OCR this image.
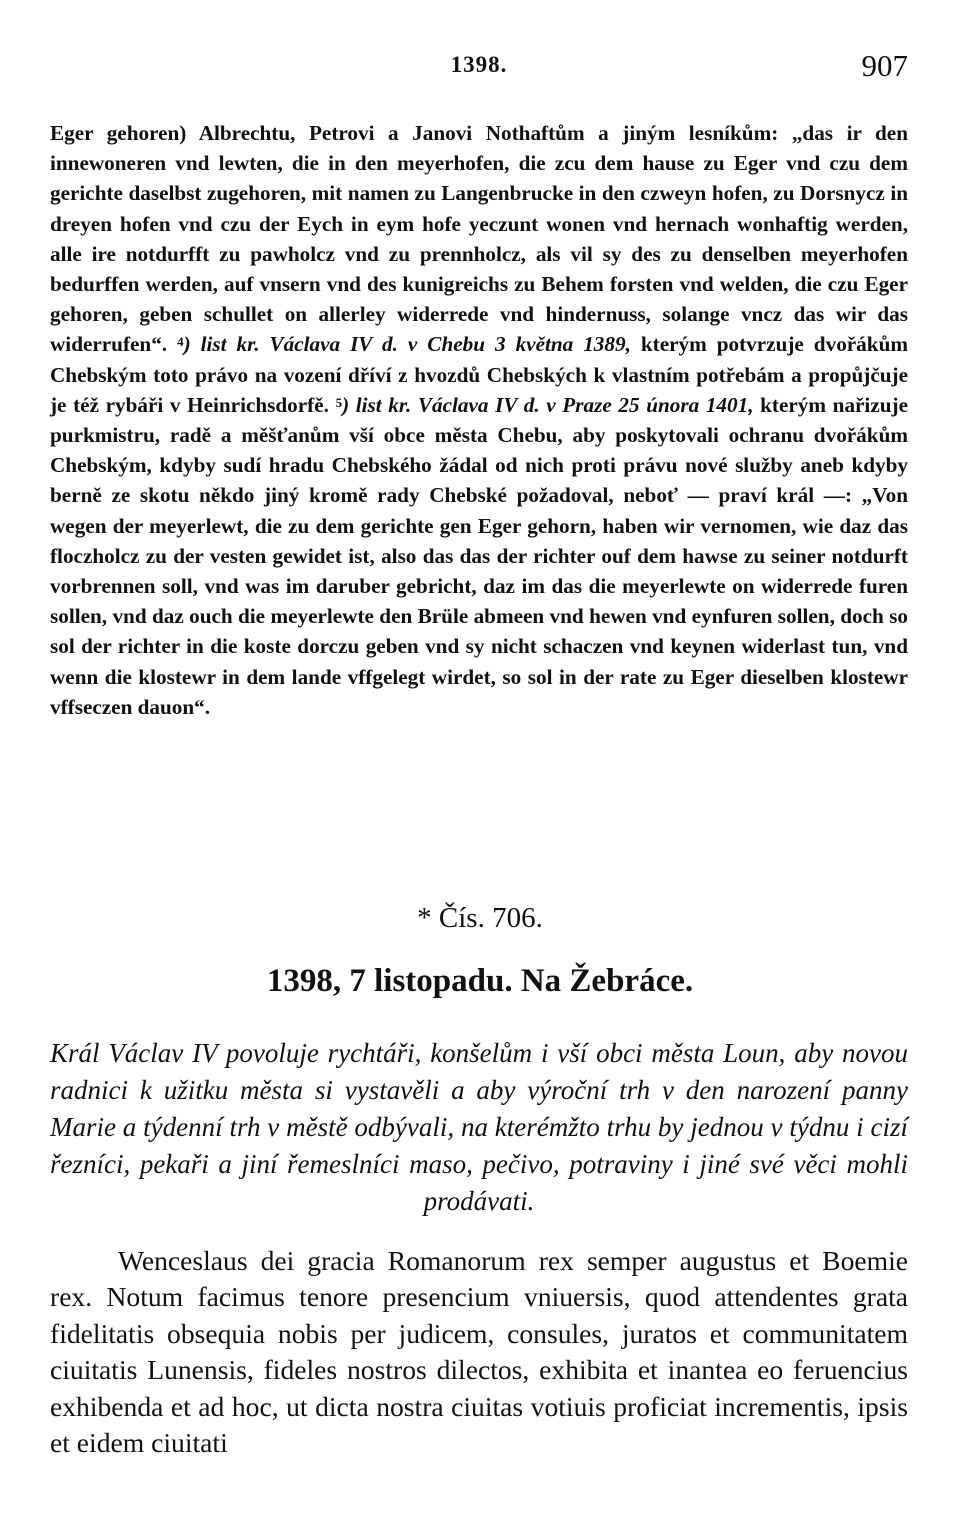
1398.	907
Eger gehoren) Albrechtu, Petrovi a Janovi Nothaftům a jiným lesníkům: „das ir den innewoneren vnd lewten, die in den meyerhofen, die zcu dem hause zu Eger vnd czu dem gerichte daselbst zugehoren, mit namen zu Langenbrucke in den czweyn hofen, zu Dorsnycz in dreyen hofen vnd czu der Eych in eym hofe yeczunt wonen vnd hernach wonhaftig werden, alle ire notdurfft zu pawholcz vnd zu prennholcz, als vil sy des zu denselben meyerhofen bedurffen werden, auf vnsern vnd des kunigreichs zu Behem forsten vnd welden, die czu Eger gehoren, geben schullet on allerley widerrede vnd hindernuss, solange vncz das wir das widerrufen“. $^4$) list kr. Václava IV d. v Chebu 3 května 1389, kterým potvrzuje dvořákům Chebským toto právo na vození dříví z hvozdů Chebských k vlastním potřebám a propůjčuje je též rybáři v Heinrichsdorfě. $^5$) list kr. Václava IV d. v Praze 25 února 1401, kterým nařizuje purkmistru, radě a měšťanům vší obce města Chebu, aby poskytovali ochranu dvořákům Chebským, kdyby sudí hradu Chebského žádal od nich proti právu nové služby aneb kdyby berně ze skotu někdo jiný kromě rady Chebské požadoval, neboť — praví král —: „Von wegen der meyerlewt, die zu dem gerichte gen Eger gehorn, haben wir vernomen, wie daz das floczholcz zu der vesten gewidet ist, also das das der richter ouf dem hawse zu seiner notdurft vorbrennen soll, vnd was im daruber gebricht, daz im das die meyerlewte on widerrede furen sollen, vnd daz ouch die meyerlewte den Brüle abmeen vnd hewen vnd eynfuren sollen, doch so sol der richter in die koste dorczu geben vnd sy nicht schaczen vnd keynen widerlast tun, vnd wenn die klostewr in dem lande vffgelegt wirdet, so sol in der rate zu Eger dieselben klostewr vffseczen dauon“.
* Čís. 706.
1398, 7 listopadu. Na Žebráce.
Král Václav IV povoluje rychtáři, konšelům i vší obci města Loun, aby novou radnici k užitku města si vystavěli a aby výroční trh v den narození panny Marie a týdenní trh v městě odbývali, na kterémžto trhu by jednou v týdnu i cizí řezníci, pekaři a jiní řemeslníci maso, pečivo, potraviny i jiné své věci mohli prodávati.
Wenceslaus dei gracia Romanorum rex semper augustus et Boemie rex. Notum facimus tenore presencium vniuersis, quod attendentes grata fidelitatis obsequia nobis per judicem, consules, juratos et communitatem ciuitatis Lunensis, fideles nostros dilectos, exhibita et inantea eo feruencius exhibenda et ad hoc, ut dicta nostra ciuitas votiuis proficiat incrementis, ipsis et eidem ciuitati
